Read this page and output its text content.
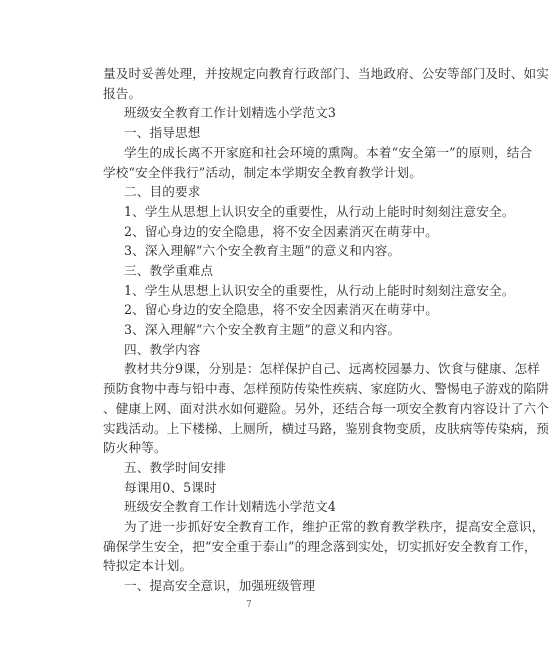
量及时妥善处理，并按规定向教育行政部门、当地政府、公安等部门及时、如实
报告。
班级安全教育工作计划精选小学范文3
一、指导思想
学生的成长离不开家庭和社会环境的熏陶。本着“安全第一”的原则，结合
学校“安全伴我行”活动，制定本学期安全教育教学计划。
二、目的要求
1、学生从思想上认识安全的重要性，从行动上能时时刻刻注意安全。
2、留心身边的安全隐患，将不安全因素消灭在萌芽中。
3、深入理解“六个安全教育主题”的意义和内容。
三、教学重难点
1、学生从思想上认识安全的重要性，从行动上能时时刻刻注意安全。
2、留心身边的安全隐患，将不安全因素消灭在萌芽中。
3、深入理解“六个安全教育主题”的意义和内容。
四、教学内容
教材共分9课，分别是：怎样保护自己、远离校园暴力、饮食与健康、怎样
预防食物中毒与铅中毒、怎样预防传染性疾病、家庭防火、警惕电子游戏的陷阱
、健康上网、面对洪水如何避险。另外，还结合每一项安全教育内容设计了六个
实践活动。上下楼梯、上厕所，横过马路，鉴别食物变质，皮肤病等传染病，预
防火种等。
五、教学时间安排
每课用0、5课时
班级安全教育工作计划精选小学范文4
为了进一步抓好安全教育工作，维护正常的教育教学秩序，提高安全意识，
确保学生安全，把“安全重于泰山”的理念落到实处，切实抓好安全教育工作，
特拟定本计划。
一、提高安全意识，加强班级管理
7
